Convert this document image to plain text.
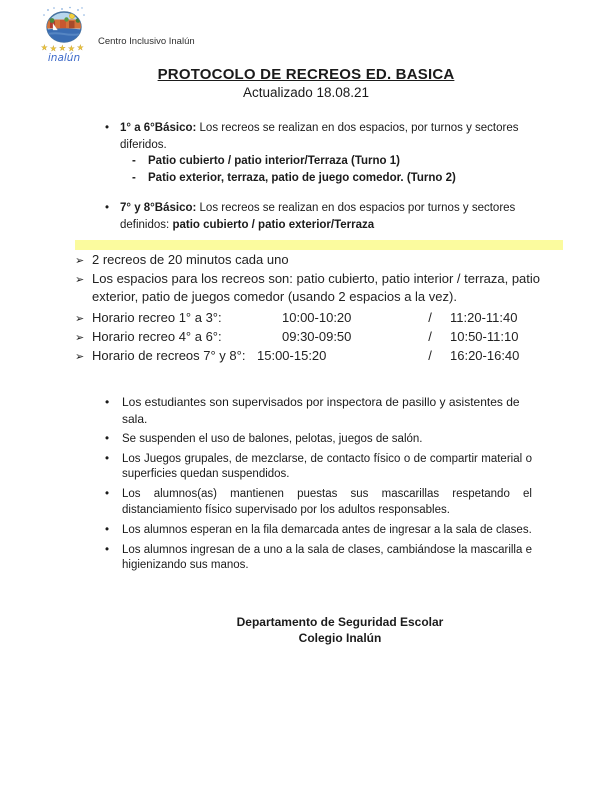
★ ★ ★ ★ ★
inalún
Centro Inclusivo Inalún
PROTOCOLO DE RECREOS ED. BASICA
Actualizado 18.08.21
• 1° a 6°Básico: Los recreos se realizan en dos espacios, por turnos y sectores diferidos.
-	Patio cubierto / patio interior/Terraza (Turno 1)
-	Patio exterior, terraza, patio de juego comedor. (Turno 2)
• 7° y 8°Básico: Los recreos se realizan en dos espacios por turnos y sectores definidos: patio cubierto / patio exterior/Terraza
➢ 2 recreos de 20 minutos cada uno
➢ Los espacios para los recreos son: patio cubierto, patio interior / terraza, patio exterior, patio de juegos comedor (usando 2 espacios a la vez).
➢ Horario recreo 1° a 3°:	10:00-10:20	/	11:20-11:40
➢ Horario recreo 4° a 6°:	09:30-09:50	/	10:50-11:10
➢ Horario de recreos 7° y 8°: 15:00-15:20	/	16:20-16:40
•	Los estudiantes son supervisados por inspectora de pasillo y asistentes de sala.
•	Se suspenden el uso de balones, pelotas, juegos de salón.
•	Los Juegos grupales, de mezclarse, de contacto físico o de compartir material o superficies quedan suspendidos.
•	Los alumnos(as) mantienen puestas sus mascarillas respetando el distanciamiento físico supervisado por los adultos responsables.
•	Los alumnos esperan en la fila demarcada antes de ingresar a la sala de clases.
•	Los alumnos ingresan de a uno a la sala de clases, cambiándose la mascarilla e higienizando sus manos.
Departamento de Seguridad Escolar
Colegio Inalún
